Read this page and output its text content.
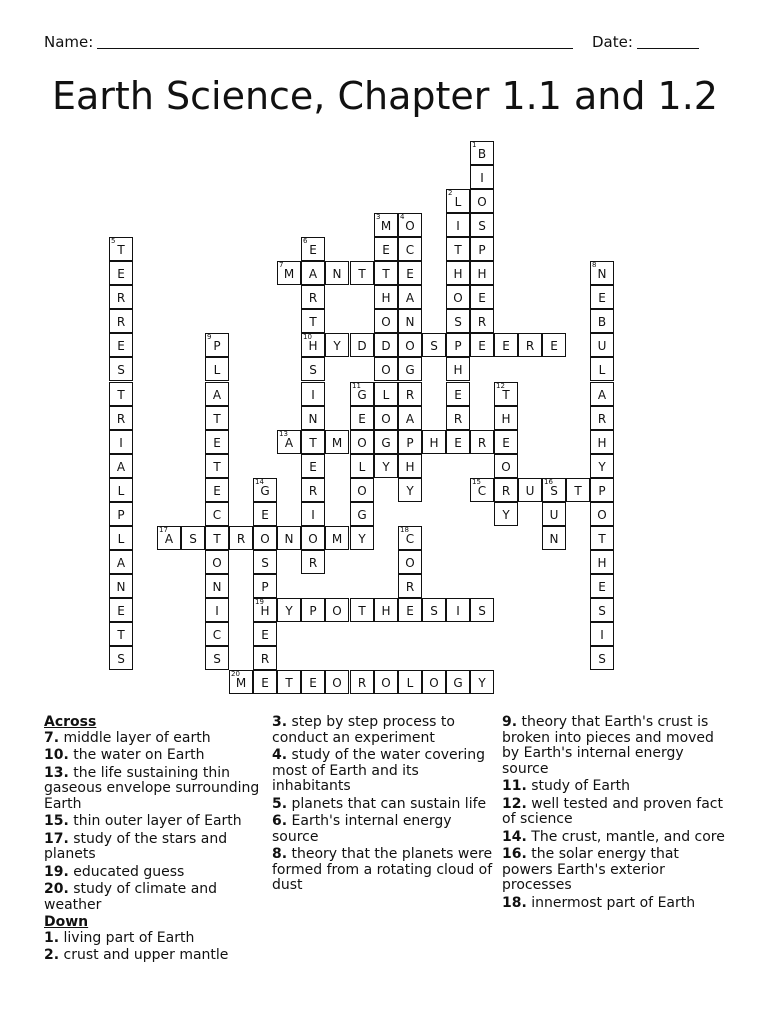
Name:	Date:
Earth Science, Chapter 1.1 and 1.2
1
B
I
O
S
P
H
E
R
E
2
L
I
T
H
O
S
P
H
E
R
E
3
M
E
T
H
O
D
O
L
O
G
Y
4
O
C
E
A
N
O
G
R
A
P
H
Y
5
T
E
R
R
E
S
T
R
I
A
L
P
L
A
N
E
T
S
6
E
A
R
T
10
H
S
I
N
T
E
R
I
O
R
7
M	N	T
8
N
E
B
U
L
A
R
H
Y
P
O
T
H
E
S
I
S
9
P
L
A
T
E
T
E
C
T
O
N
I
C
S
Y	D	S	E	R	E
11
G
E
O
L
O
G
Y
12
T
H
E
O
R
Y
13
A	M	H	R
14
G
E
O
S
P
19
H
E
R
E
15
C	U
16
S	T
U
N
17
A	S	R	N	M
18
C
O
R
E
Y	P	O	T	H	S	I	S
20
M	T	E	O	R	O	L	O	G	Y
Across
7. middle layer of earth
10. the water on Earth
13. the life sustaining thin gaseous envelope surrounding Earth
15. thin outer layer of Earth
17. study of the stars and planets
19. educated guess
20. study of climate and weather
Down
1. living part of Earth
2. crust and upper mantle
3. step by step process to conduct an experiment
4. study of the water covering most of Earth and its inhabitants
5. planets that can sustain life
6. Earth's internal energy source
8. theory that the planets were formed from a rotating cloud of dust
9. theory that Earth's crust is broken into pieces and moved by Earth's internal energy source
11. study of Earth
12. well tested and proven fact of science
14. The crust, mantle, and core
16. the solar energy that powers Earth's exterior processes
18. innermost part of Earth
